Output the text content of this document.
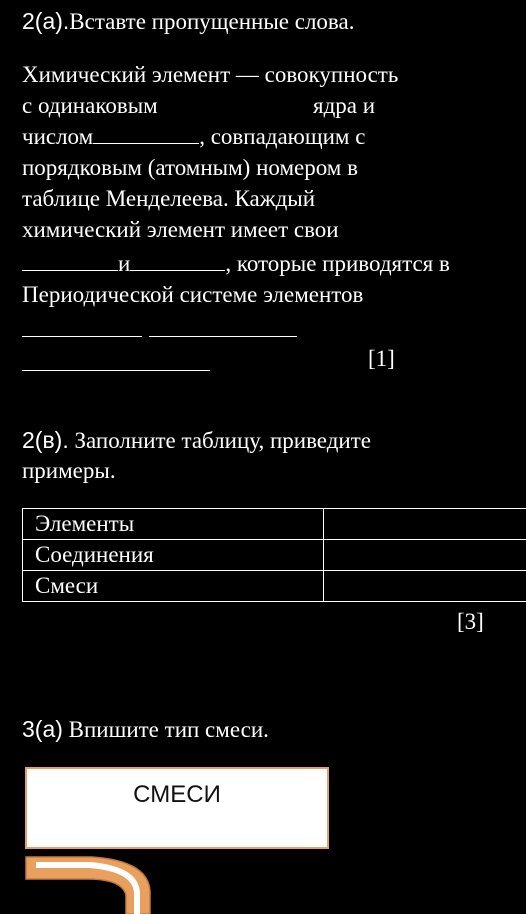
2(а).Вставте пропущенные слова.
Химический элемент — совокупность
с одинаковым	ядра и
числом	, совпадающим с
порядковым (атомным) номером в
таблице Менделеева. Каждый
химический элемент имеет свои
и	, которые приводятся в
Периодической системе элементов
[1]
2(в). Заполните таблицу, приведите
примеры.
Элементы	
Соединения	
Смеси	
[3]
3(а) Впишите тип смеси.
СМЕСИ
